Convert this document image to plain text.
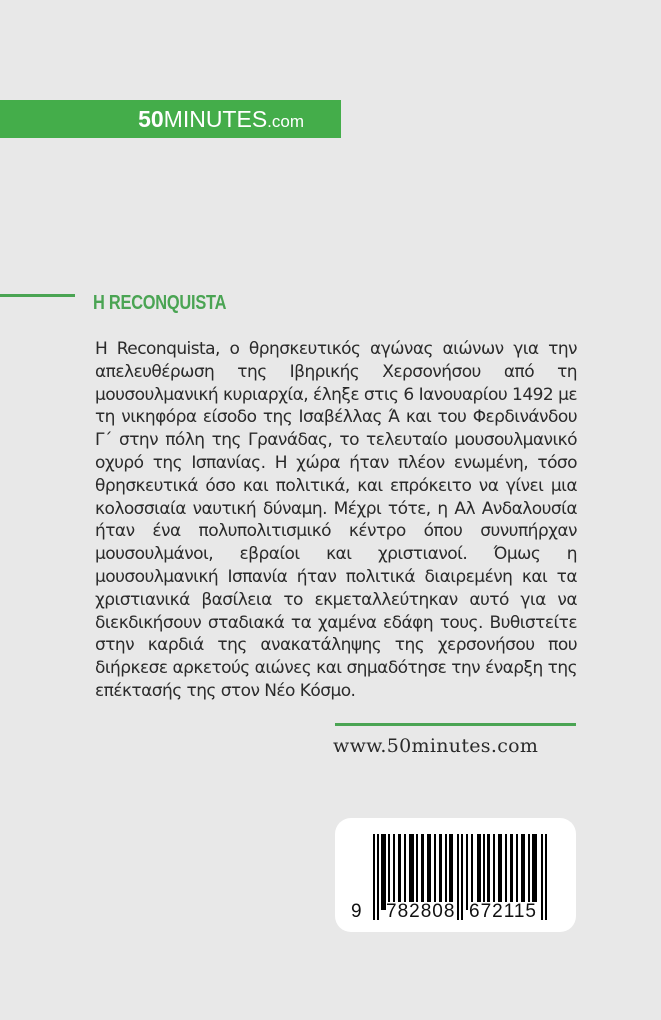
50MINUTES.com
H RECONQUISTA

Η Reconquista, ο θρησκευτικός αγώνας αιώνων για την απελευθέρωση της Ιβηρικής Χερσονήσου από τη μουσουλμανική κυριαρχία, έληξε στις 6 Ιανουαρίου 1492 με τη νικηφόρα είσοδο της Ισαβέλλας Ά και του Φερδινάνδου Γ΄ στην πόλη της Γρανάδας, το τελευταίο μουσουλμανικό οχυρό της Ισπανίας. Η χώρα ήταν πλέον ενωμένη, τόσο θρησκευτικά όσο και πολιτικά, και επρόκειτο να γίνει μια κολοσσιαία ναυτική δύναμη. Μέχρι τότε, η Αλ Ανδαλουσία ήταν ένα πολυπολιτισμικό κέντρο όπου συνυπήρχαν μουσουλμάνοι, εβραίοι και χριστιανοί. Όμως η μουσουλμανική Ισπανία ήταν πολιτικά διαιρεμένη και τα χριστιανικά βασίλεια το εκμεταλλεύτηκαν αυτό για να διεκδικήσουν σταδιακά τα χαμένα εδάφη τους. Βυθιστείτε στην καρδιά της ανακατάληψης της χερσονήσου που διήρκεσε αρκετούς αιώνες και σημαδότησε την έναρξη της επέκτασής της στον Νέο Κόσμο.

www.50minutes.com
9 782808 672115
